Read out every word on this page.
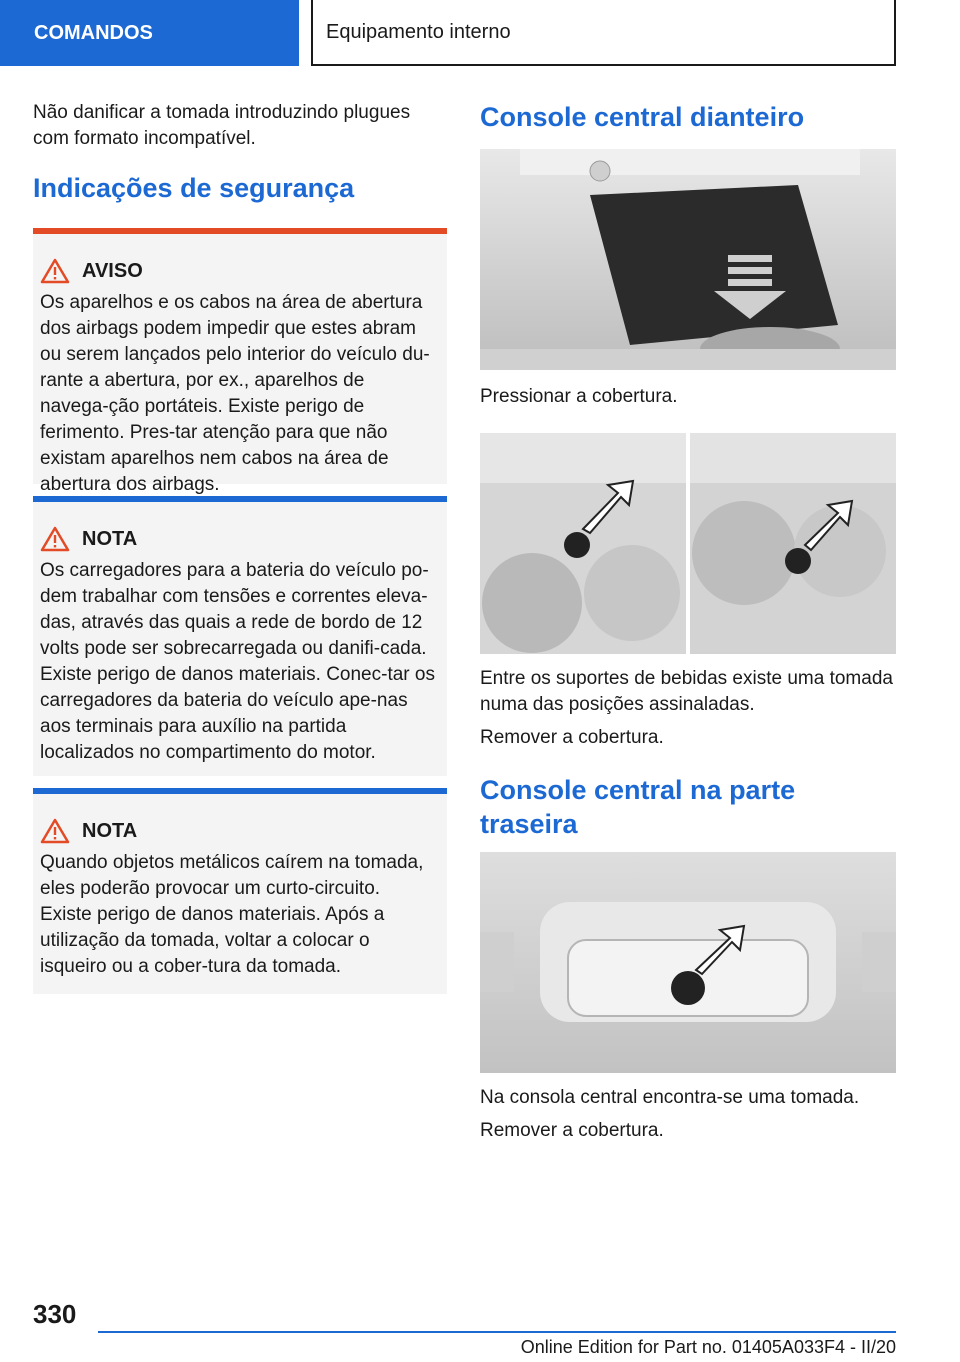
COMANDOS	Equipamento interno

Não danificar a tomada introduzindo plugues com formato incompatível.

Indicações de segurança
AVISO

Os aparelhos e os cabos na área de abertura dos airbags podem impedir que estes abram ou serem lançados pelo interior do veículo du-rante a abertura, por ex., aparelhos de navega-ção portáteis. Existe perigo de ferimento. Pres-tar atenção para que não existam aparelhos nem cabos na área de abertura dos airbags.

NOTA

Os carregadores para a bateria do veículo po-dem trabalhar com tensões e correntes eleva-das, através das quais a rede de bordo de 12 volts pode ser sobrecarregada ou danifi-cada. Existe perigo de danos materiais. Conec-tar os carregadores da bateria do veículo ape-nas aos terminais para auxílio na partida localizados no compartimento do motor.

NOTA

Quando objetos metálicos caírem na tomada, eles poderão provocar um curto-circuito. Existe perigo de danos materiais. Após a utilização da tomada, voltar a colocar o isqueiro ou a cober-tura da tomada.

Console central dianteiro

Pressionar a cobertura.

Entre os suportes de bebidas existe uma tomada numa das posições assinaladas.

Remover a cobertura.

Console central na parte traseira

Na consola central encontra-se uma tomada.

Remover a cobertura.

330
Online Edition for Part no. 01405A033F4 - II/20
